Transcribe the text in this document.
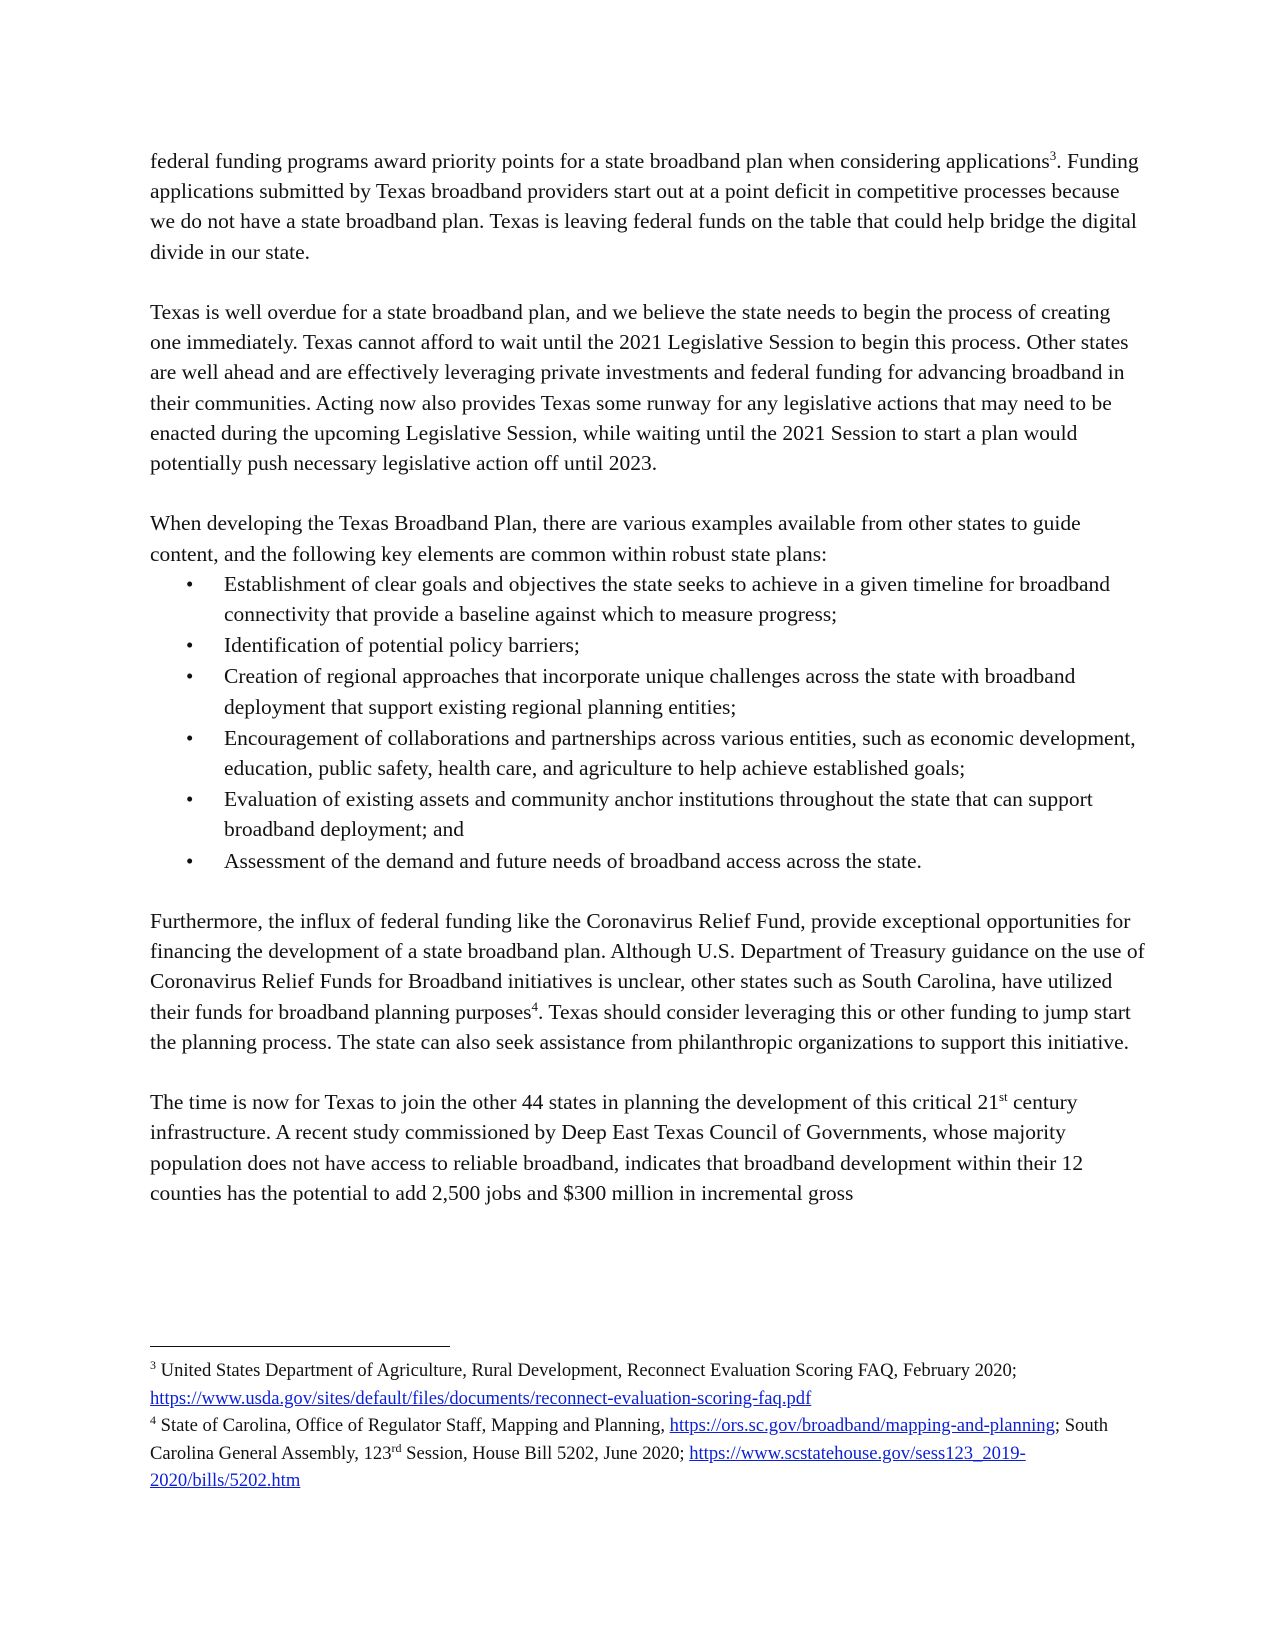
federal funding programs award priority points for a state broadband plan when considering applications$^3$. Funding applications submitted by Texas broadband providers start out at a point deficit in competitive processes because we do not have a state broadband plan. Texas is leaving federal funds on the table that could help bridge the digital divide in our state.

Texas is well overdue for a state broadband plan, and we believe the state needs to begin the process of creating one immediately. Texas cannot afford to wait until the 2021 Legislative Session to begin this process. Other states are well ahead and are effectively leveraging private investments and federal funding for advancing broadband in their communities. Acting now also provides Texas some runway for any legislative actions that may need to be enacted during the upcoming Legislative Session, while waiting until the 2021 Session to start a plan would potentially push necessary legislative action off until 2023.

When developing the Texas Broadband Plan, there are various examples available from other states to guide content, and the following key elements are common within robust state plans:

• Establishment of clear goals and objectives the state seeks to achieve in a given timeline for broadband connectivity that provide a baseline against which to measure progress;
• Identification of potential policy barriers;
• Creation of regional approaches that incorporate unique challenges across the state with broadband deployment that support existing regional planning entities;
• Encouragement of collaborations and partnerships across various entities, such as economic development, education, public safety, health care, and agriculture to help achieve established goals;
• Evaluation of existing assets and community anchor institutions throughout the state that can support broadband deployment; and
• Assessment of the demand and future needs of broadband access across the state.

Furthermore, the influx of federal funding like the Coronavirus Relief Fund, provide exceptional opportunities for financing the development of a state broadband plan. Although U.S. Department of Treasury guidance on the use of Coronavirus Relief Funds for Broadband initiatives is unclear, other states such as South Carolina, have utilized their funds for broadband planning purposes$^4$. Texas should consider leveraging this or other funding to jump start the planning process. The state can also seek assistance from philanthropic organizations to support this initiative.

The time is now for Texas to join the other 44 states in planning the development of this critical 21st century infrastructure. A recent study commissioned by Deep East Texas Council of Governments, whose majority population does not have access to reliable broadband, indicates that broadband development within their 12 counties has the potential to add 2,500 jobs and $300 million in incremental gross

$^3$ United States Department of Agriculture, Rural Development, Reconnect Evaluation Scoring FAQ, February 2020; https://www.usda.gov/sites/default/files/documents/reconnect-evaluation-scoring-faq.pdf

$^4$ State of Carolina, Office of Regulator Staff, Mapping and Planning, https://ors.sc.gov/broadband/mapping-and-planning; South Carolina General Assembly, 123rd Session, House Bill 5202, June 2020; https://www.scstatehouse.gov/sess123_2019-2020/bills/5202.htm
